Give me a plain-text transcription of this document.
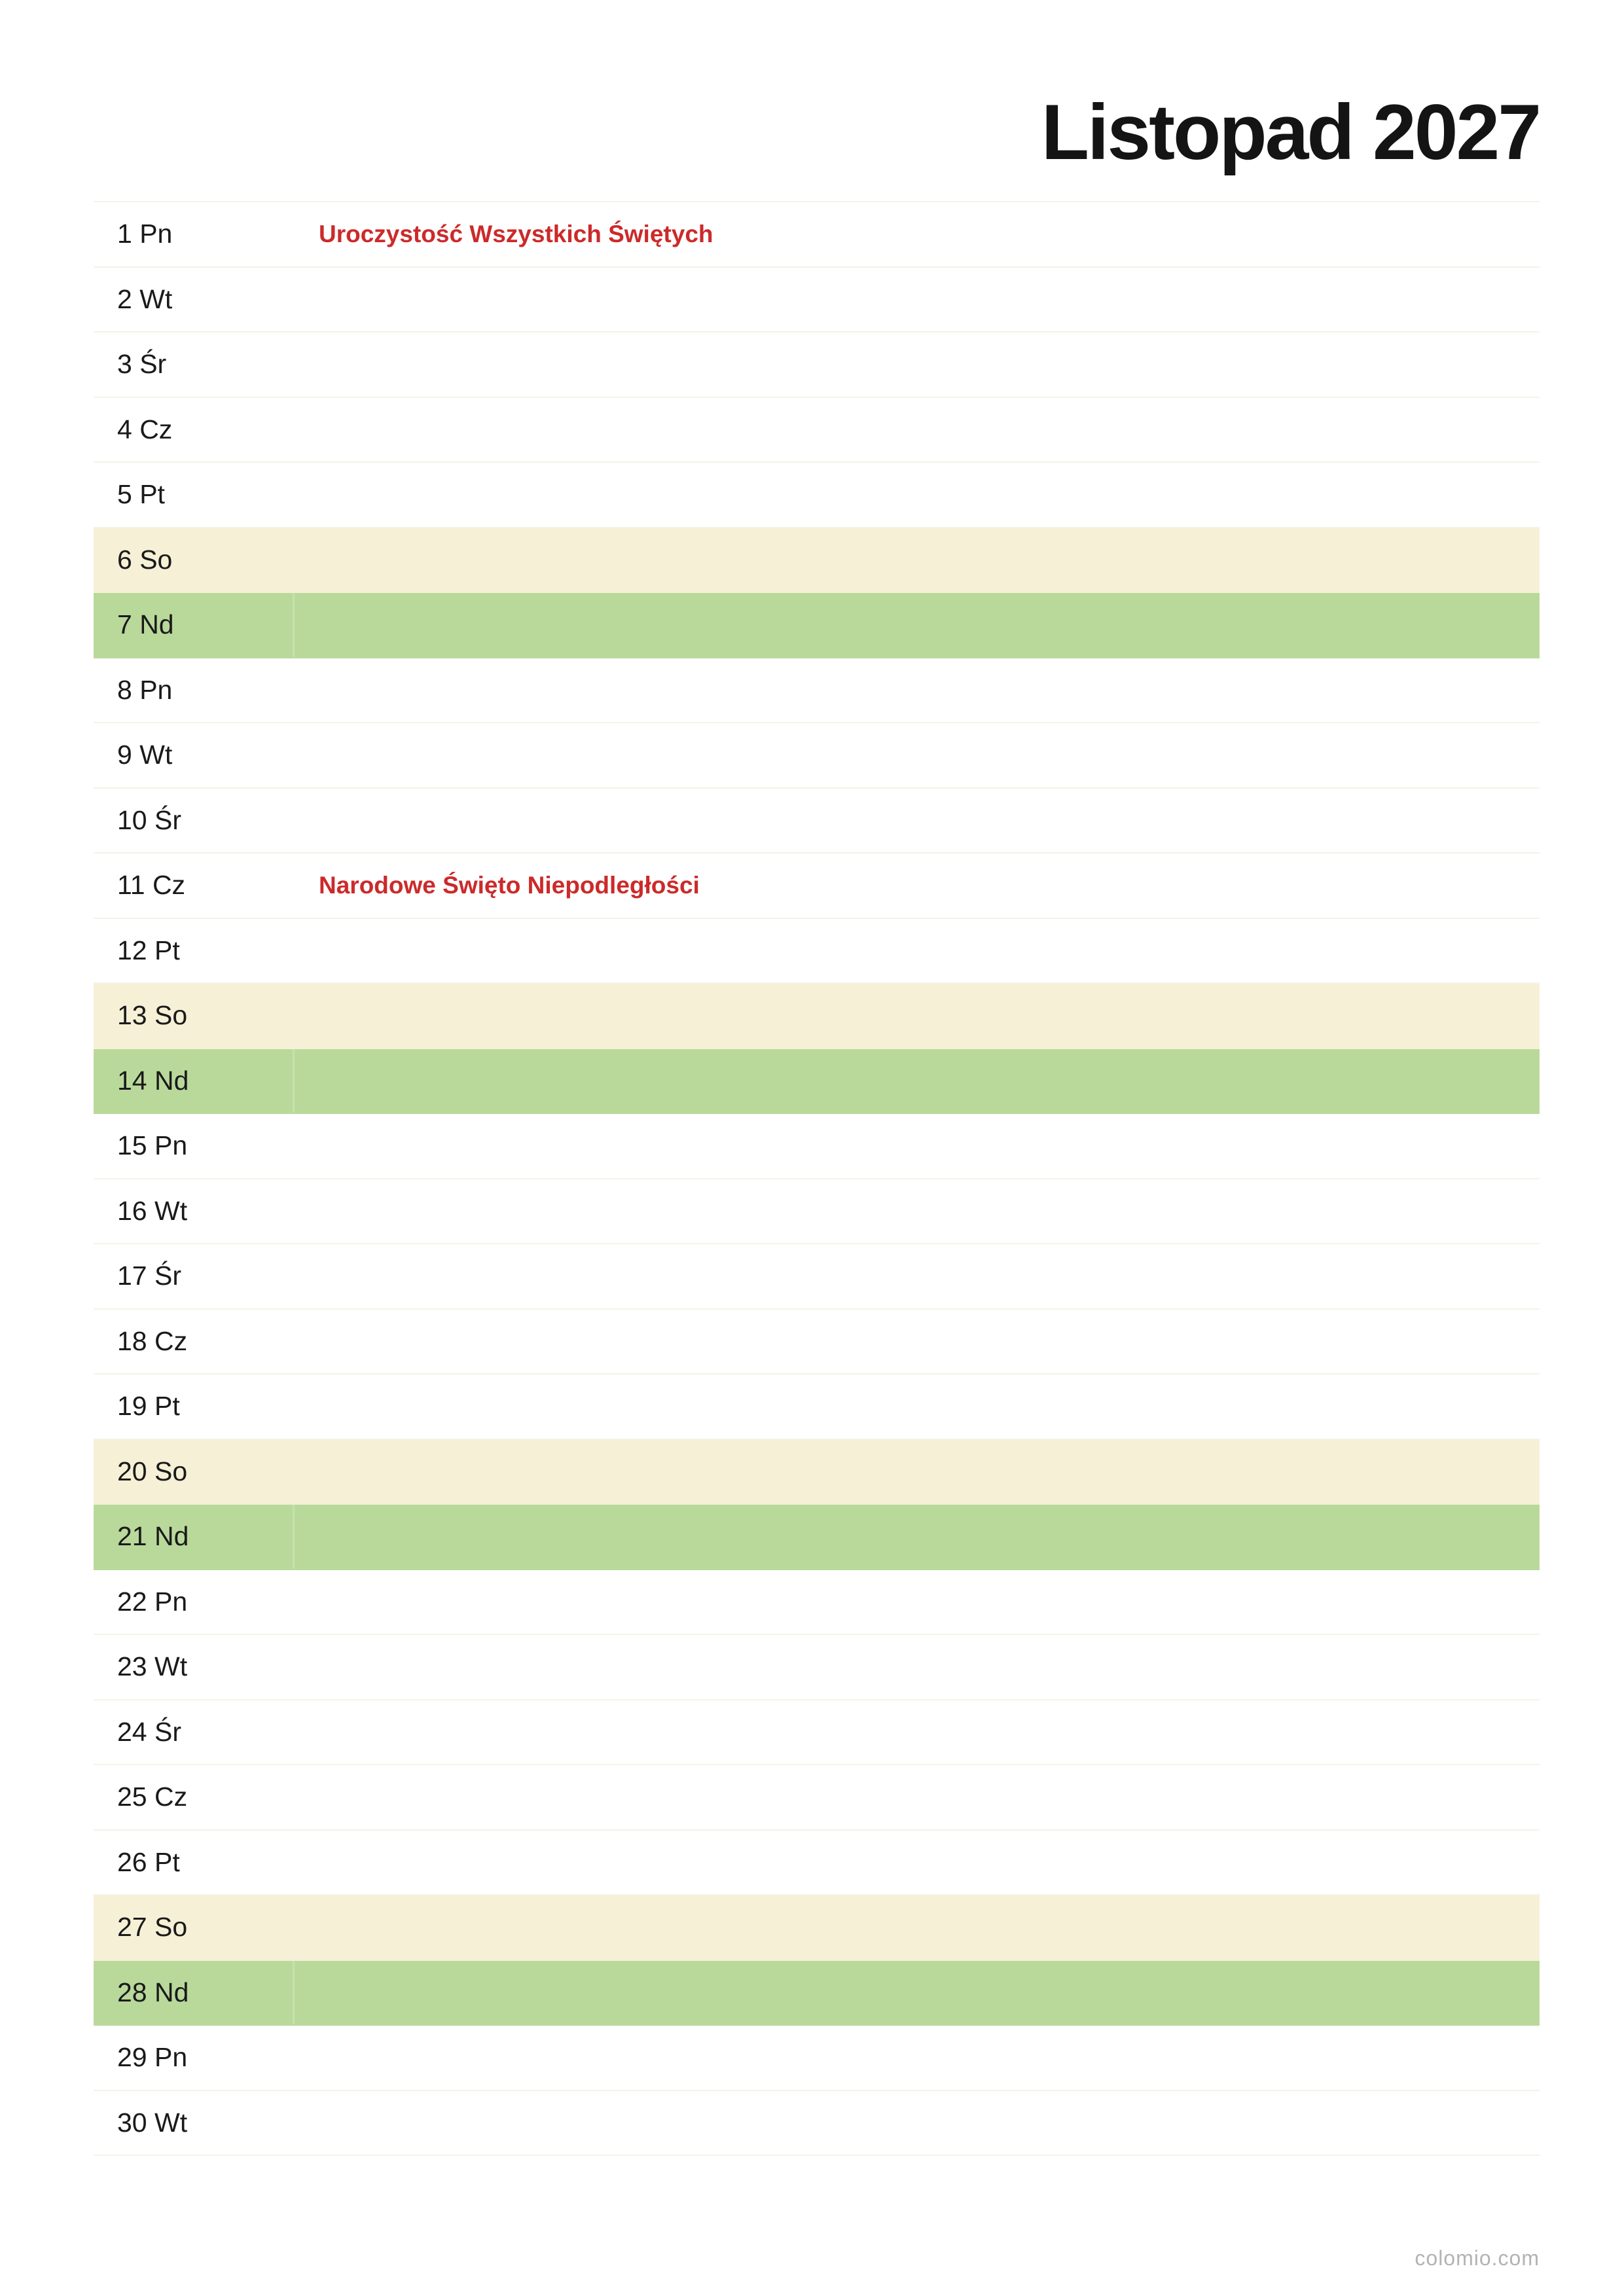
Listopad 2027
1 Pn	Uroczystość Wszystkich Świętych
2 Wt
3 Śr
4 Cz
5 Pt
6 So
7 Nd
8 Pn
9 Wt
10 Śr
11 Cz	Narodowe Święto Niepodległości
12 Pt
13 So
14 Nd
15 Pn
16 Wt
17 Śr
18 Cz
19 Pt
20 So
21 Nd
22 Pn
23 Wt
24 Śr
25 Cz
26 Pt
27 So
28 Nd
29 Pn
30 Wt
colomio.com
